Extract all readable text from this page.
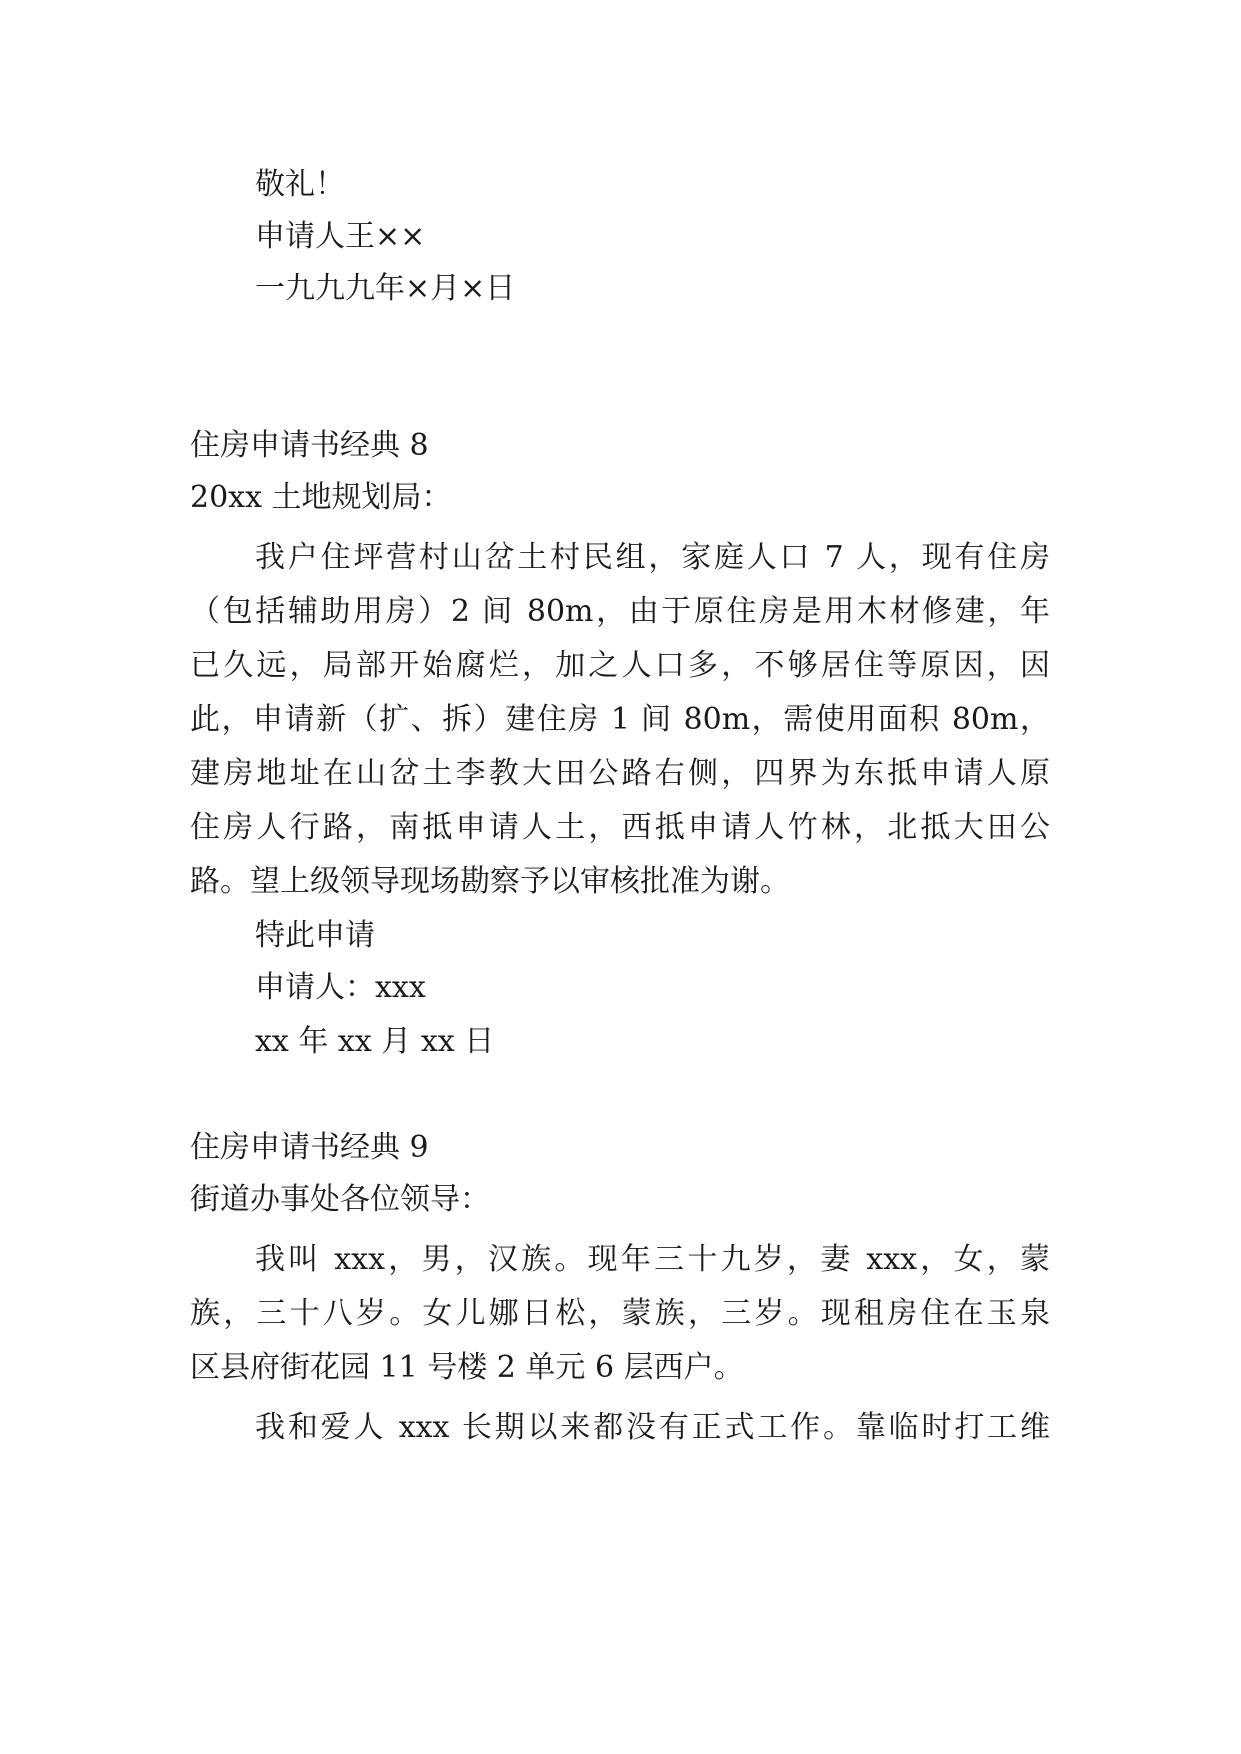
敬礼！
申请人王××
一九九九年×月×日
住房申请书经典 8
20xx 土地规划局：
我户住坪营村山岔土村民组，家庭人口 7 人，现有住房
（包括辅助用房）2 间 80m，由于原住房是用木材修建，年
已久远，局部开始腐烂，加之人口多，不够居住等原因，因
此，申请新（扩、拆）建住房 1 间 80m，需使用面积 80m，
建房地址在山岔土李教大田公路右侧，四界为东抵申请人原
住房人行路，南抵申请人土，西抵申请人竹林，北抵大田公
路。望上级领导现场勘察予以审核批准为谢。
特此申请
申请人：xxx
xx 年 xx 月 xx 日
住房申请书经典 9
街道办事处各位领导：
我叫 xxx，男，汉族。现年三十九岁，妻 xxx，女，蒙
族，三十八岁。女儿娜日松，蒙族，三岁。现租房住在玉泉
区县府街花园 11 号楼 2 单元 6 层西户。
我和爱人 xxx 长期以来都没有正式工作。靠临时打工维
